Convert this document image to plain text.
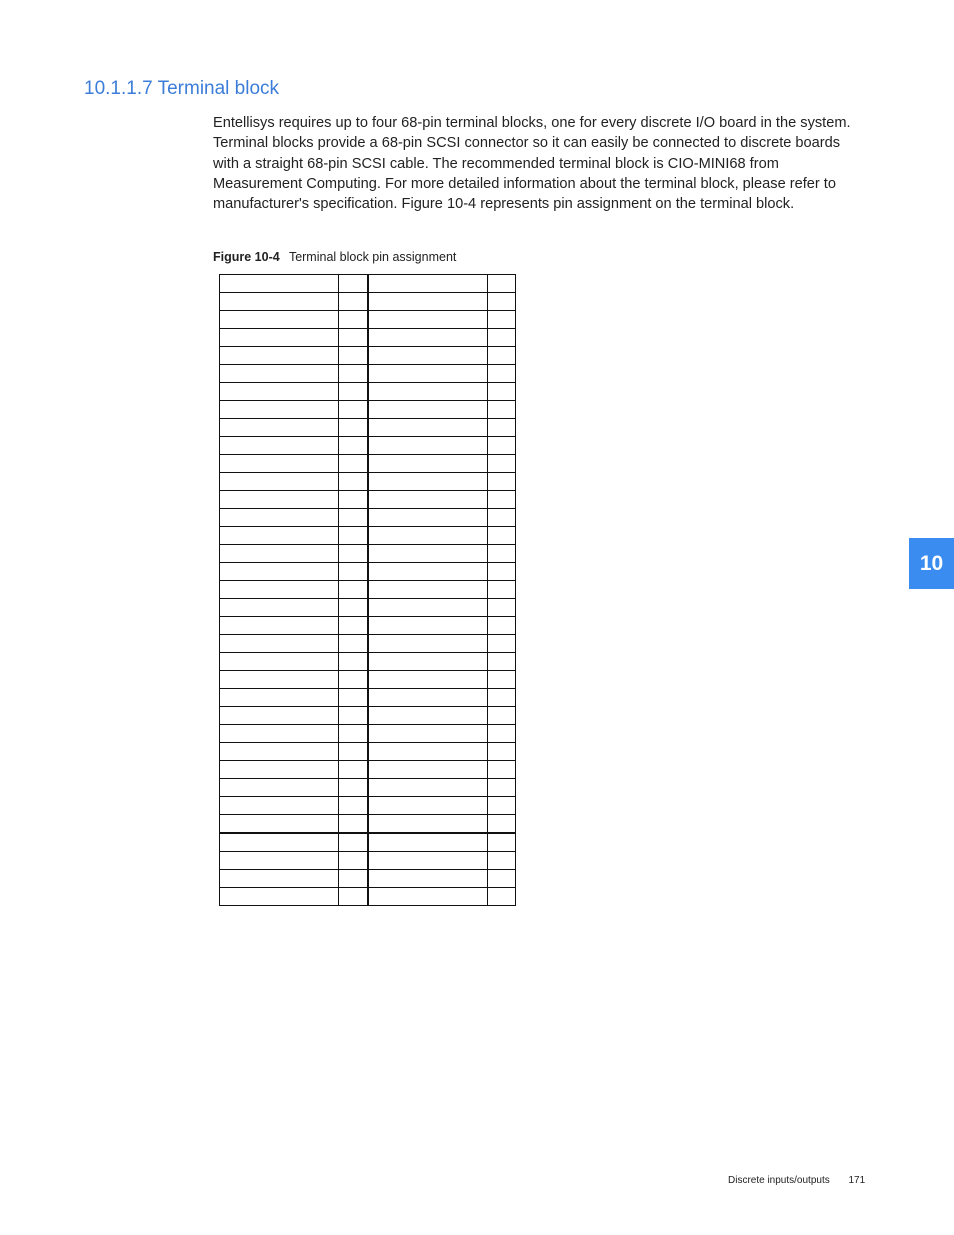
10.1.1.7 Terminal block

Entellisys requires up to four 68-pin terminal blocks, one for every discrete I/O board in the system. Terminal blocks provide a 68-pin SCSI connector so it can easily be connected to discrete boards with a straight 68-pin SCSI cable. The recommended terminal block is CIO-MINI68 from Measurement Computing. For more detailed information about the terminal block, please refer to manufacturer's specification. Figure 10-4 represents pin assignment on the terminal block.

Figure 10-4 Terminal block pin assignment

10
Discrete inputs/outputs 171
